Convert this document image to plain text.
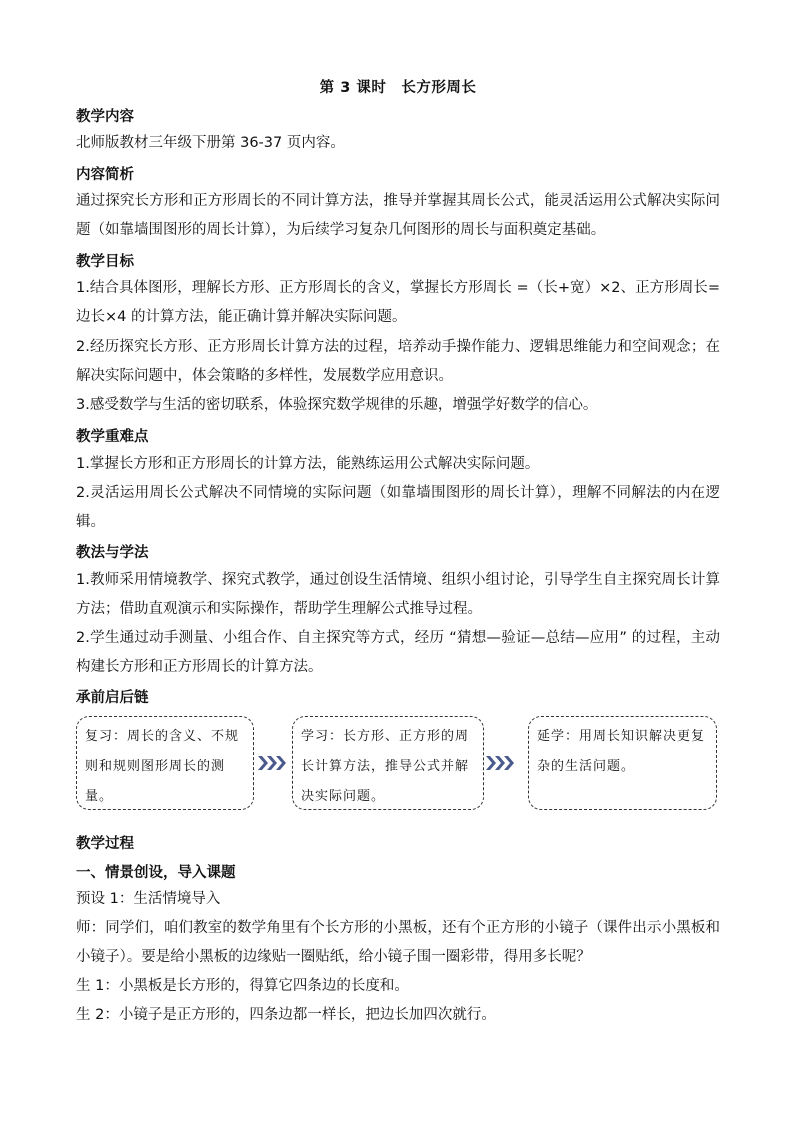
第 3 课时　长方形周长
教学内容
北师版教材三年级下册第 36-37 页内容。
内容简析
通过探究长方形和正方形周长的不同计算方法，推导并掌握其周长公式，能灵活运用公式解决实际问题（如靠墙围图形的周长计算），为后续学习复杂几何图形的周长与面积奠定基础。
教学目标
1.结合具体图形，理解长方形、正方形周长的含义，掌握长方形周长 =（长+宽）×2、正方形周长=边长×4 的计算方法，能正确计算并解决实际问题。
2.经历探究长方形、正方形周长计算方法的过程，培养动手操作能力、逻辑思维能力和空间观念；在解决实际问题中，体会策略的多样性，发展数学应用意识。
3.感受数学与生活的密切联系，体验探究数学规律的乐趣，增强学好数学的信心。
教学重难点
1.掌握长方形和正方形周长的计算方法，能熟练运用公式解决实际问题。
2.灵活运用周长公式解决不同情境的实际问题（如靠墙围图形的周长计算），理解不同解法的内在逻辑。
教法与学法
1.教师采用情境教学、探究式教学，通过创设生活情境、组织小组讨论，引导学生自主探究周长计算方法；借助直观演示和实际操作，帮助学生理解公式推导过程。
2.学生通过动手测量、小组合作、自主探究等方式，经历 “猜想—验证—总结—应用” 的过程，主动构建长方形和正方形周长的计算方法。
承前启后链
复习：周长的含义、不规则和规则图形周长的测量。
学习：长方形、正方形的周长计算方法，推导公式并解决实际问题。
延学：用周长知识解决更复杂的生活问题。
教学过程
一、情景创设，导入课题
预设 1：生活情境导入
师：同学们，咱们教室的数学角里有个长方形的小黑板，还有个正方形的小镜子（课件出示小黑板和小镜子）。要是给小黑板的边缘贴一圈贴纸，给小镜子围一圈彩带，得用多长呢？
生 1：小黑板是长方形的，得算它四条边的长度和。
生 2：小镜子是正方形的，四条边都一样长，把边长加四次就行。
